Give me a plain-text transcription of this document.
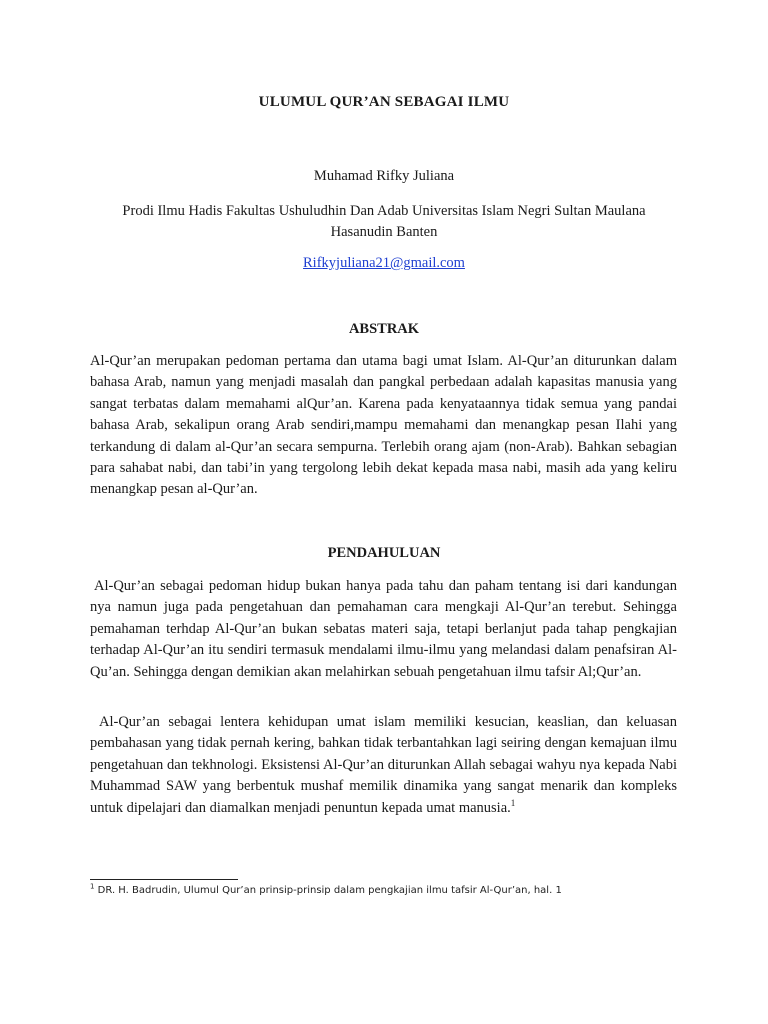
ULUMUL QUR’AN SEBAGAI ILMU
Muhamad Rifky Juliana
Prodi Ilmu Hadis Fakultas Ushuludhin Dan Adab Universitas Islam Negri Sultan Maulana
Hasanudin Banten
Rifkyjuliana21@gmail.com
ABSTRAK
Al-Qur’an merupakan pedoman pertama dan utama bagi umat Islam. Al-Qur’an diturunkan dalam bahasa Arab, namun yang menjadi masalah dan pangkal perbedaan adalah kapasitas manusia yang sangat terbatas dalam memahami alQur’an. Karena pada kenyataannya tidak semua yang pandai bahasa Arab, sekalipun orang Arab sendiri,mampu memahami dan menangkap pesan Ilahi yang terkandung di dalam al-Qur’an secara sempurna. Terlebih orang ajam (non-Arab). Bahkan sebagian para sahabat nabi, dan tabi’in yang tergolong lebih dekat kepada masa nabi, masih ada yang keliru menangkap pesan al-Qur’an.
PENDAHULUAN
Al-Qur’an sebagai pedoman hidup bukan hanya pada tahu dan paham tentang isi dari kandungan nya namun juga pada pengetahuan dan pemahaman cara mengkaji Al-Qur’an terebut. Sehingga pemahaman terhdap Al-Qur’an bukan sebatas materi saja, tetapi berlanjut pada tahap pengkajian terhadap Al-Qur’an itu sendiri termasuk mendalami ilmu-ilmu yang melandasi dalam penafsiran Al-Qu’an. Sehingga dengan demikian akan melahirkan sebuah pengetahuan ilmu tafsir Al;Qur’an.
Al-Qur’an sebagai lentera kehidupan umat islam memiliki kesucian, keaslian, dan keluasan pembahasan yang tidak pernah kering, bahkan tidak terbantahkan lagi seiring dengan kemajuan ilmu pengetahuan dan tekhnologi. Eksistensi Al-Qur’an diturunkan Allah sebagai wahyu nya kepada Nabi Muhammad SAW yang berbentuk mushaf memilik dinamika yang sangat menarik dan kompleks untuk dipelajari dan diamalkan menjadi penuntun kepada umat manusia.$^1$
$^1$ DR. H. Badrudin, Ulumul Qur’an prinsip-prinsip dalam pengkajian ilmu tafsir Al-Qur’an, hal. 1
